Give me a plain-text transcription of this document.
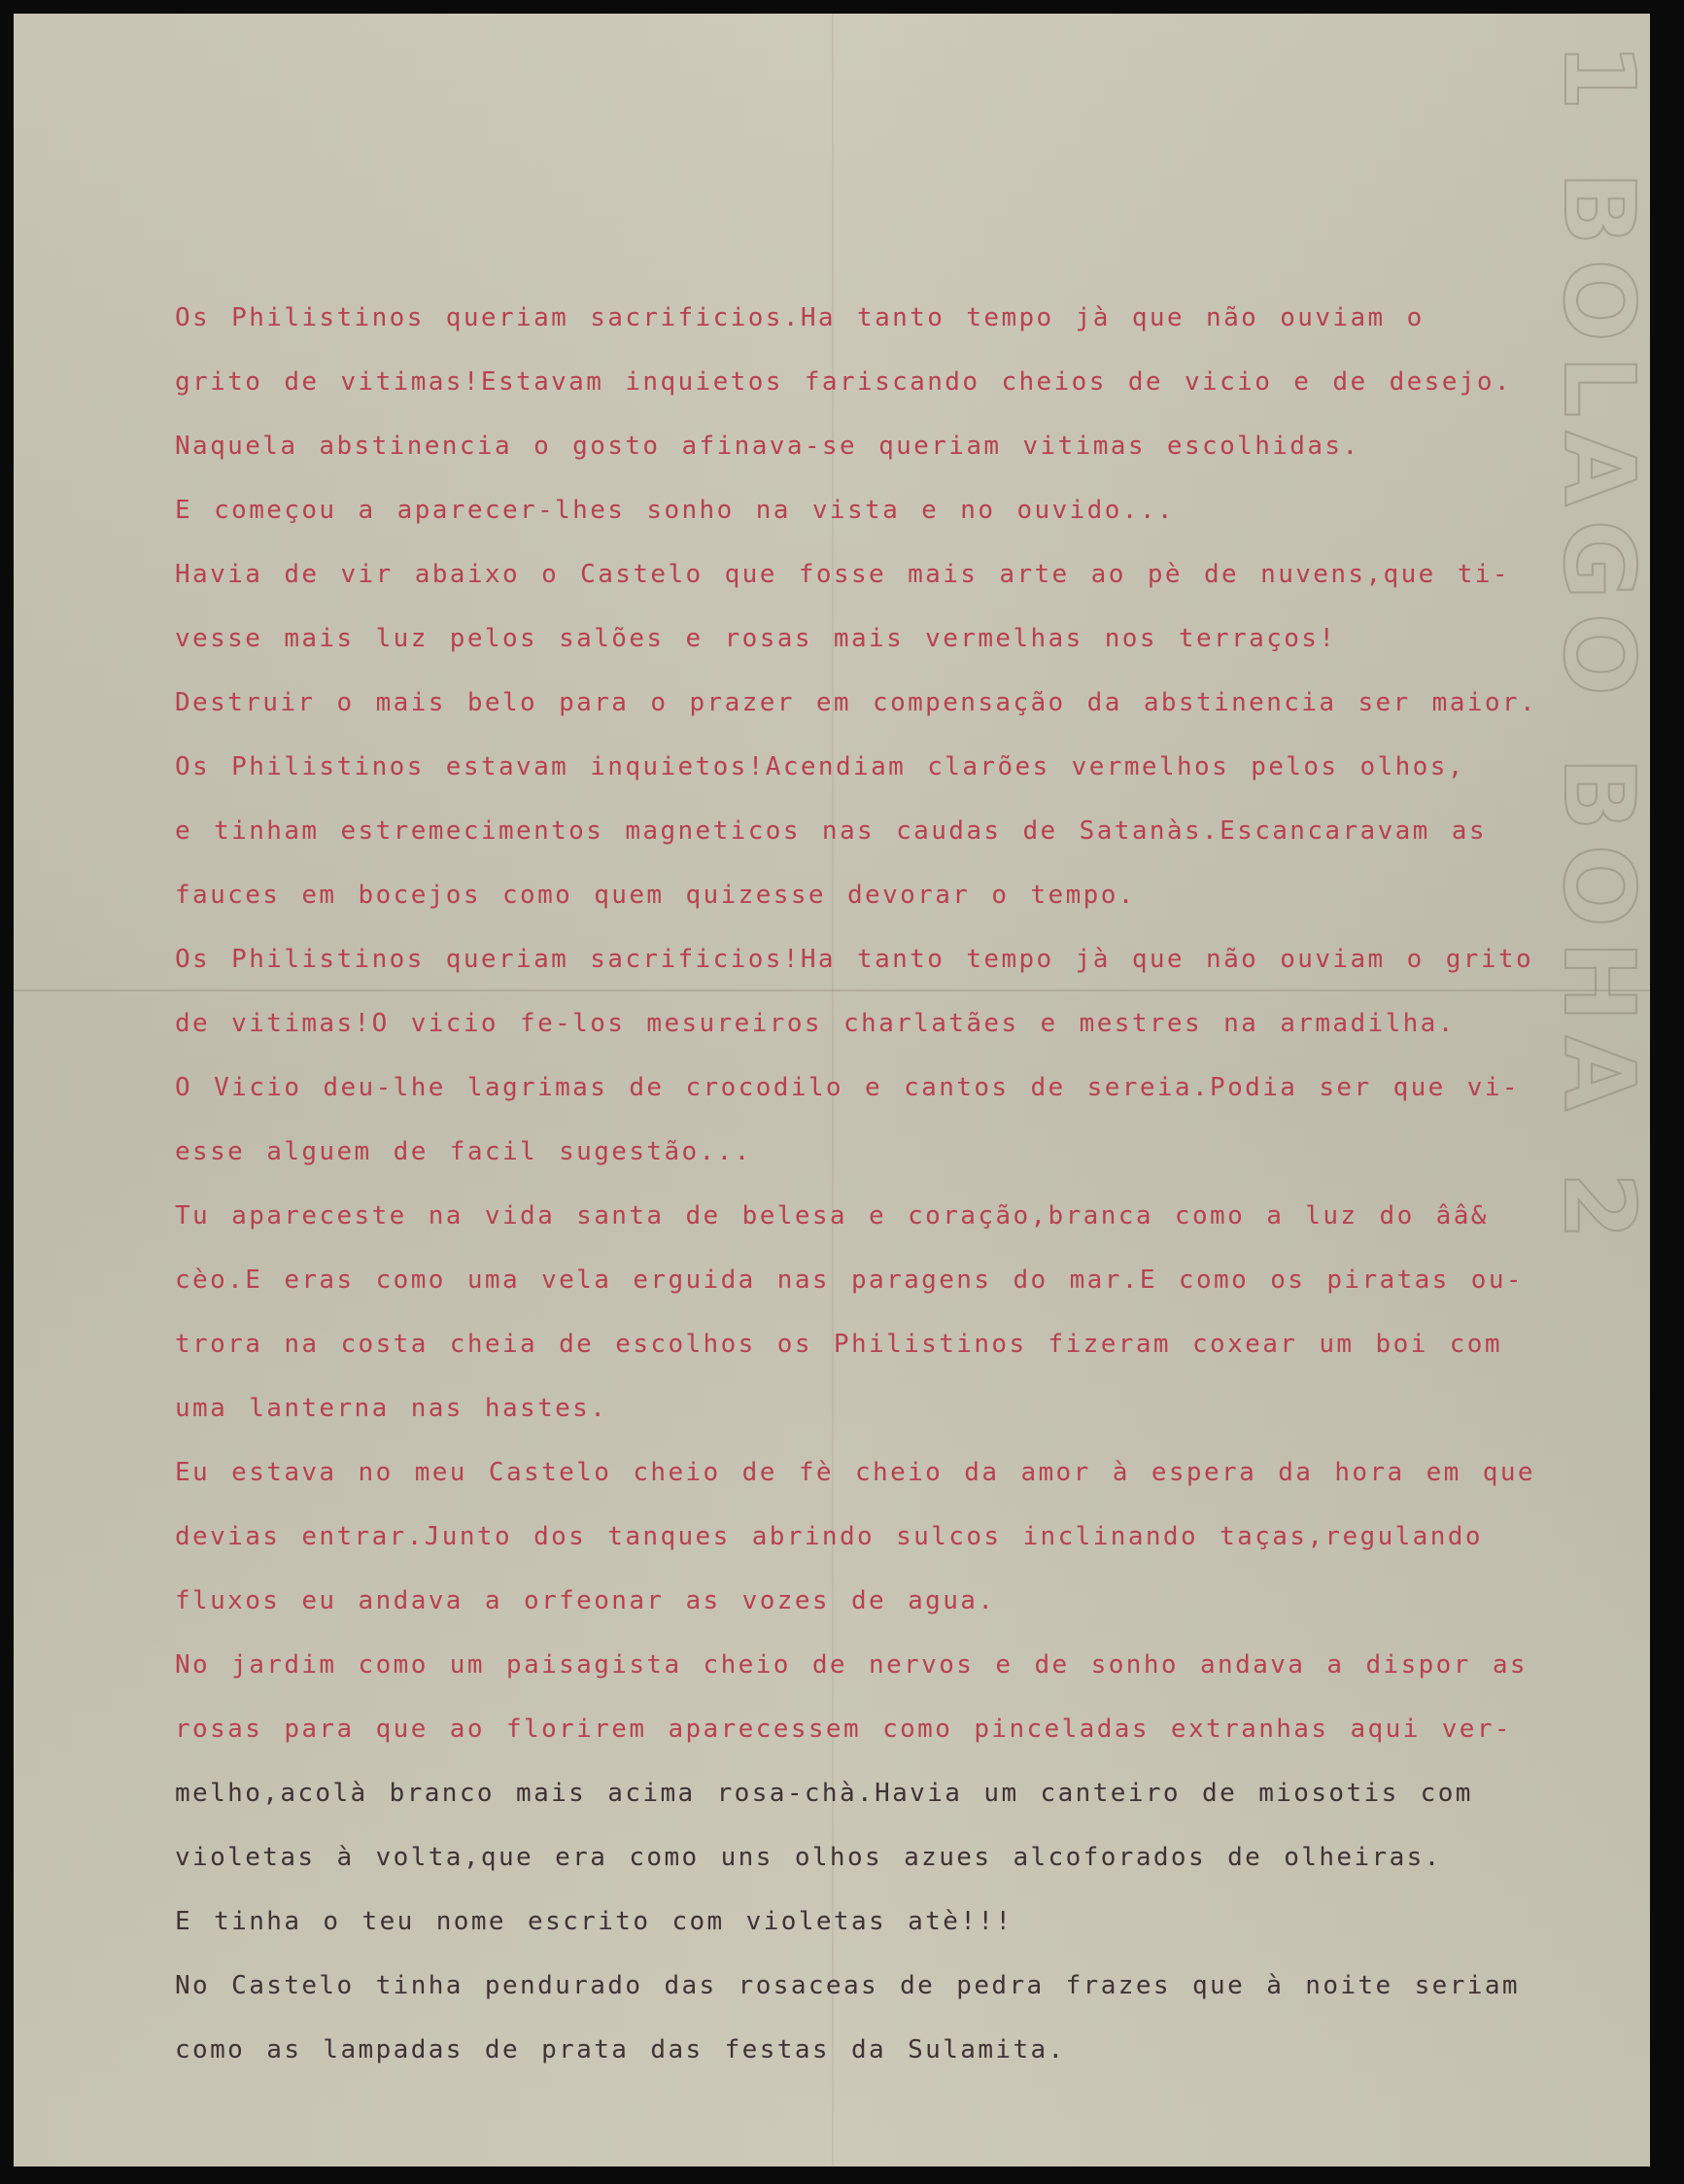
1 BOLAGO BOHA 2
Os Philistinos queriam sacrificios.Ha tanto tempo jà que não ouviam o
grito de vitimas!Estavam inquietos fariscando cheios de vicio e de desejo.
Naquela abstinencia o gosto afinava-se queriam vitimas escolhidas.
E começou a aparecer-lhes sonho na vista e no ouvido...
Havia de vir abaixo o Castelo que fosse mais arte ao pè de nuvens,que ti-
vesse mais luz pelos salões e rosas mais vermelhas nos terraços!
Destruir o mais belo para o prazer em compensação da abstinencia ser maior.
Os Philistinos estavam inquietos!Acendiam clarões vermelhos pelos olhos,
e tinham estremecimentos magneticos nas caudas de Satanàs.Escancaravam as
fauces em bocejos como quem quizesse devorar o tempo.
Os Philistinos queriam sacrificios!Ha tanto tempo jà que não ouviam o grito
de vitimas!O vicio fe-los mesureiros charlatães e mestres na armadilha.
O Vicio deu-lhe lagrimas de crocodilo e cantos de sereia.Podia ser que vi-
esse alguem de facil sugestão...
Tu apareceste na vida santa de belesa e coração,branca como a luz do ââ&
cèo.E eras como uma vela erguida nas paragens do mar.E como os piratas ou-
trora na costa cheia de escolhos os Philistinos fizeram coxear um boi com
uma lanterna nas hastes.
Eu estava no meu Castelo cheio de fè cheio da amor à espera da hora em que
devias entrar.Junto dos tanques abrindo sulcos inclinando taças,regulando
fluxos eu andava a orfeonar as vozes de agua.
No jardim como um paisagista cheio de nervos e de sonho andava a dispor as
rosas para que ao florirem aparecessem como pinceladas extranhas aqui ver-
melho,acolà branco mais acima rosa-chà.Havia um canteiro de miosotis com
violetas à volta,que era como uns olhos azues alcoforados de olheiras.
E tinha o teu nome escrito com violetas atè!!!
No Castelo tinha pendurado das rosaceas de pedra frazes que à noite seriam
como as lampadas de prata das festas da Sulamita.
